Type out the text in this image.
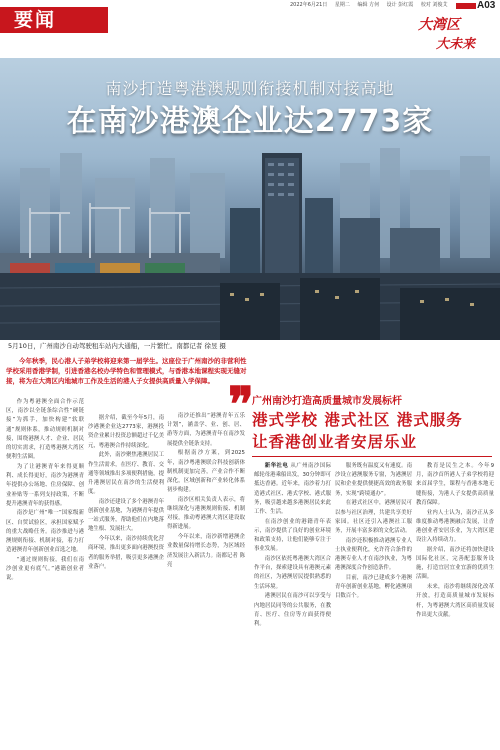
要闻
2022年6月21日 星期二 编辑 方何 设计 彭红霞 校对 刘俊艾	A03
大湾区
大未来
南沙打造粤港澳规则衔接机制对接高地
在南沙港澳企业达2773家
5月10日，广州南沙自动驾驶租车站内大通船，一片繁忙。南都记者 徐昱 摄
今年秋季，民心港人子弟学校将迎来第一届学生。这座位于广州南沙的非营利性学校采用香港学制，引进香港名校办学特色和管理模式，与香港本地课程实现无缝对接，将为在大湾区内地城市工作及生活的港人子女提供高质量入学保障。 ❞

作为粤港澳全面合作示范区，南沙以全链条综合性“硬链接”为抓手，加快构建“软联通”规则体系，推动规则机制对接，围绕港澳人才、企业、居民的切实需求，打造粤港澳大湾区便利生活圈。

为了让港澳青年来得更顺利、成长得更好，南沙为港澳青年提供办公场地、住房保障、创业补贴等一系列支持政策，不断提升港澳青年的获得感。

南沙是广州“唯一”国家级新区、自贸试验区，承担国家赋予的重大战略任务。南沙推进与港澳规则衔接、机制对接，着力打造港澳青年创新创业首选之地。

“通过规则衔接，我们在南沙创业更有底气。”港籍创业者说。

据介绍，截至今年5月，南沙港澳企业达2773家，港澳投资企业累计投资总额超过千亿美元，粤港澳合作持续深化。

此外，南沙聚焦港澳居民工作生活需求，在医疗、教育、交通等领域推出多项便利措施，提升港澳居民在南沙的生活便利度。

南沙还建设了多个港澳青年创新创业基地，为港澳青年提供一站式服务，帮助他们在内地落地生根、发展壮大。

今年以来，南沙持续优化营商环境，推出更多面向港澳投资者的服务举措，吸引更多港澳企业落户。

南沙还推出“港澳青年五乐计划”，涵盖学、业、创、居、游等方面，为港澳青年在南沙发展提供全链条支持。

根据南沙方案，到2025年，南沙粤港澳联合科技创新体制机制更加完善，产业合作不断深化，区域创新和产业转化体系初步构建。

南沙区相关负责人表示，将继续深化与港澳规则衔接、机制对接，推动粤港澳大湾区建设取得新进展。

今年以来，南沙新增港澳企业数量保持增长态势，为区域经济发展注入新活力。南都记者 陈亮

广州南沙打造高质量城市发展标杆
港式学校 港式社区 港式服务
让香港创业者安居乐业

新华社电 从广州南沙国际邮轮母港乘船出发，30分钟即可抵达香港。近年来，南沙着力打造港式社区、港式学校、港式服务，吸引越来越多港澳居民来此工作、生活。

在南沙创业的港籍青年表示，南沙提供了良好的创业环境和政策支持，让他们能够专注于事业发展。

南沙区依托粤港澳大湾区合作平台，探索建设具有港澳元素的社区，为港澳居民提供熟悉的生活环境。

港澳居民在南沙可以享受与内地居民同等的公共服务，在教育、医疗、住房等方面获得便利。

服务既有温度又有速度。南沙设立港澳服务专窗，为港澳居民和企业提供便捷高效的政务服务，实现“跨境通办”。

在港式社区中，港澳居民可以参与社区治理，共建共享美好家园。社区还引入港澳社工服务，开展丰富多彩的文化活动。

南沙还积极推动港澳专业人士执业便利化，允许符合条件的港澳专业人才在南沙执业，为粤港澳深度合作创造条件。

目前，南沙已建成多个港澳青年创新创业基地，孵化港澳项目数百个。

教育是民生之本。今年9月，南沙首所港人子弟学校将迎来首届学生，课程与香港本地无缝衔接，为港人子女提供高质量教育保障。

业内人士认为，南沙正从多维度推动粤港澳融合发展，让香港创业者安居乐业，为大湾区建设注入持续动力。

据介绍，南沙还将加快建设国际化社区，完善配套服务设施，打造宜居宜业宜游的优质生活圈。

未来，南沙将继续深化改革开放，打造高质量城市发展标杆，为粤港澳大湾区高质量发展作出更大贡献。
